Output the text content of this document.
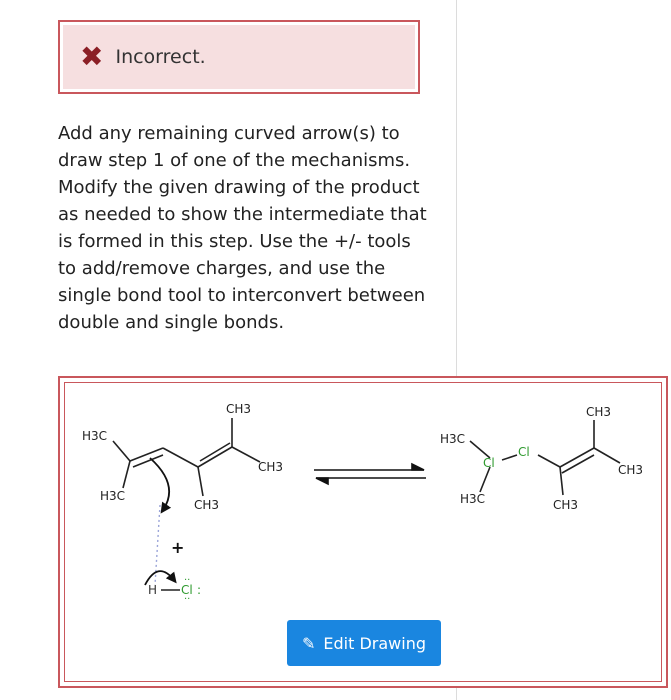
✖ Incorrect.

Add any remaining curved arrow(s) to draw step 1 of one of the mechanisms. Modify the given drawing of the product as needed to show the intermediate that is formed in this step. Use the +/- tools to add/remove charges, and use the single bond tool to interconvert between double and single bonds.

CH3
H3C
H3C
CH3
CH3
+
H Cl :
··
··
H3C
Cl
Cl
H3C
CH3
CH3
CH3
✎ Edit Drawing
